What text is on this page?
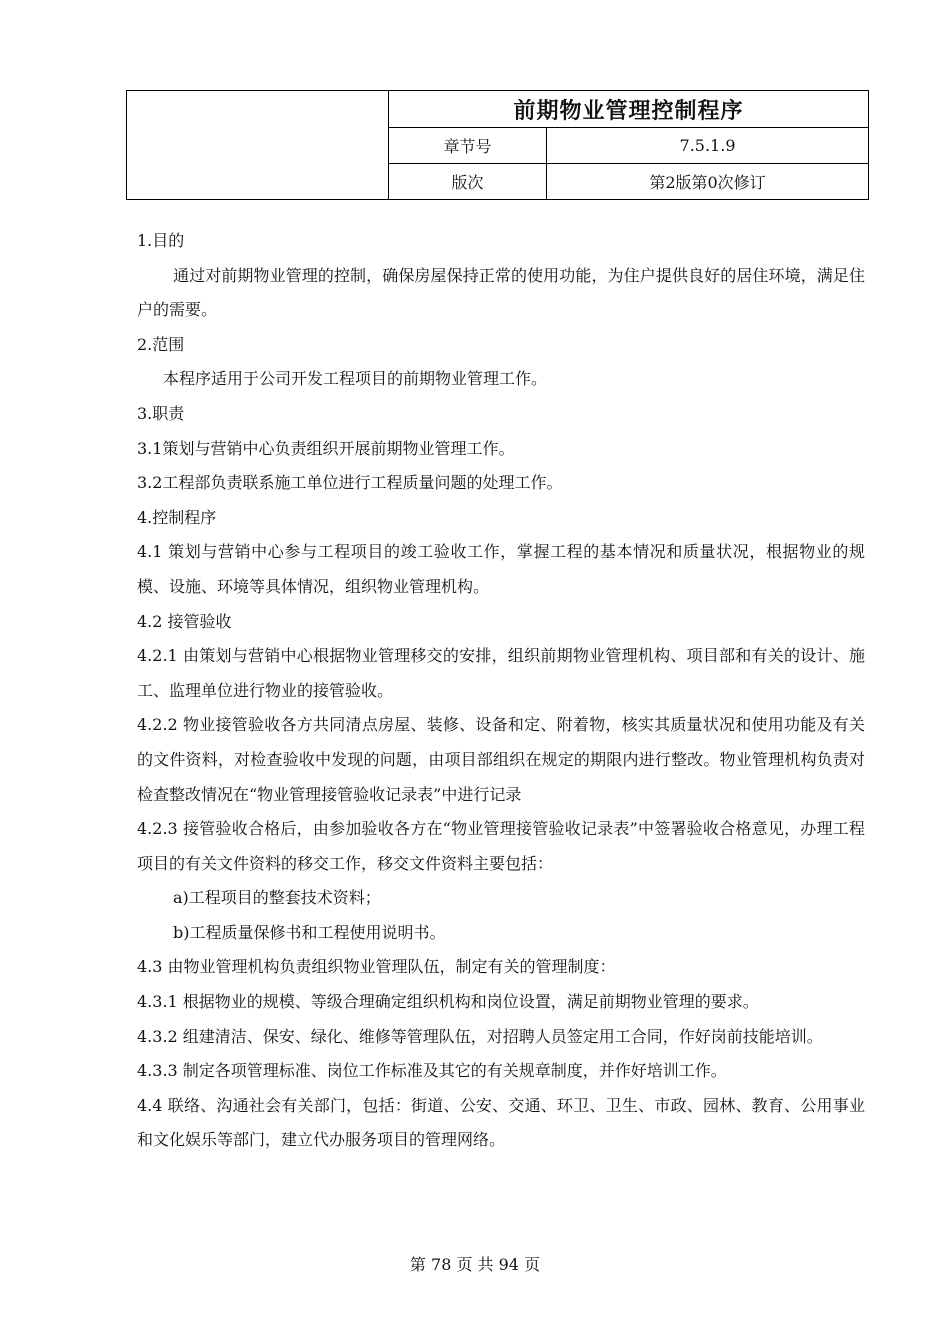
	前期物业管理控制程序	
	章节号	7.5.1.9
	版次	第2版第0次修订

1.目的

通过对前期物业管理的控制，确保房屋保持正常的使用功能，为住户提供良好的居住环境，满足住户的需要。

2.范围

本程序适用于公司开发工程项目的前期物业管理工作。

3.职责

3.1策划与营销中心负责组织开展前期物业管理工作。

3.2工程部负责联系施工单位进行工程质量问题的处理工作。

4.控制程序

4.1 策划与营销中心参与工程项目的竣工验收工作，掌握工程的基本情况和质量状况，根据物业的规模、设施、环境等具体情况，组织物业管理机构。

4.2 接管验收

4.2.1 由策划与营销中心根据物业管理移交的安排，组织前期物业管理机构、项目部和有关的设计、施工、监理单位进行物业的接管验收。

4.2.2 物业接管验收各方共同清点房屋、装修、设备和定、附着物，核实其质量状况和使用功能及有关的文件资料，对检查验收中发现的问题，由项目部组织在规定的期限内进行整改。物业管理机构负责对检查整改情况在“物业管理接管验收记录表”中进行记录

4.2.3 接管验收合格后，由参加验收各方在“物业管理接管验收记录表”中签署验收合格意见，办理工程项目的有关文件资料的移交工作，移交文件资料主要包括：

a)工程项目的整套技术资料；

b)工程质量保修书和工程使用说明书。

4.3 由物业管理机构负责组织物业管理队伍，制定有关的管理制度：

4.3.1 根据物业的规模、等级合理确定组织机构和岗位设置，满足前期物业管理的要求。

4.3.2 组建清洁、保安、绿化、维修等管理队伍，对招聘人员签定用工合同，作好岗前技能培训。

4.3.3 制定各项管理标准、岗位工作标准及其它的有关规章制度，并作好培训工作。

4.4 联络、沟通社会有关部门，包括：街道、公安、交通、环卫、卫生、市政、园林、教育、公用事业和文化娱乐等部门，建立代办服务项目的管理网络。

第 78 页 共 94 页
